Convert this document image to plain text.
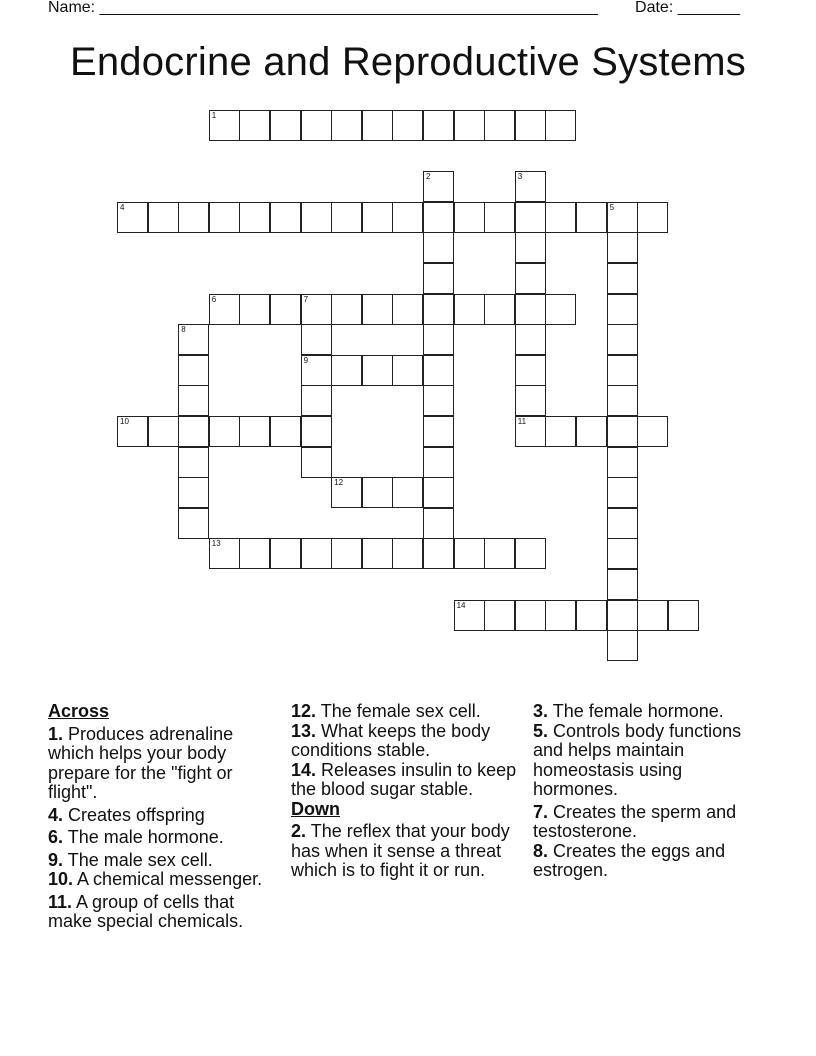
Name: ________________________________________________________ Date: _______
Endocrine and Reproductive Systems
1
2	3
4	5
6	7
9
8
10	11
12
13
14
Across
1. Produces adrenaline which helps your body prepare for the "fight or flight".
4. Creates offspring
6. The male hormone.
9. The male sex cell.
10. A chemical messenger.
11. A group of cells that make special chemicals.
12. The female sex cell.
13. What keeps the body conditions stable.
14. Releases insulin to keep the blood sugar stable.
Down
2. The reflex that your body has when it sense a threat which is to fight it or run.
3. The female hormone.
5. Controls body functions and helps maintain homeostasis using hormones.
7. Creates the sperm and testosterone.
8. Creates the eggs and estrogen.
